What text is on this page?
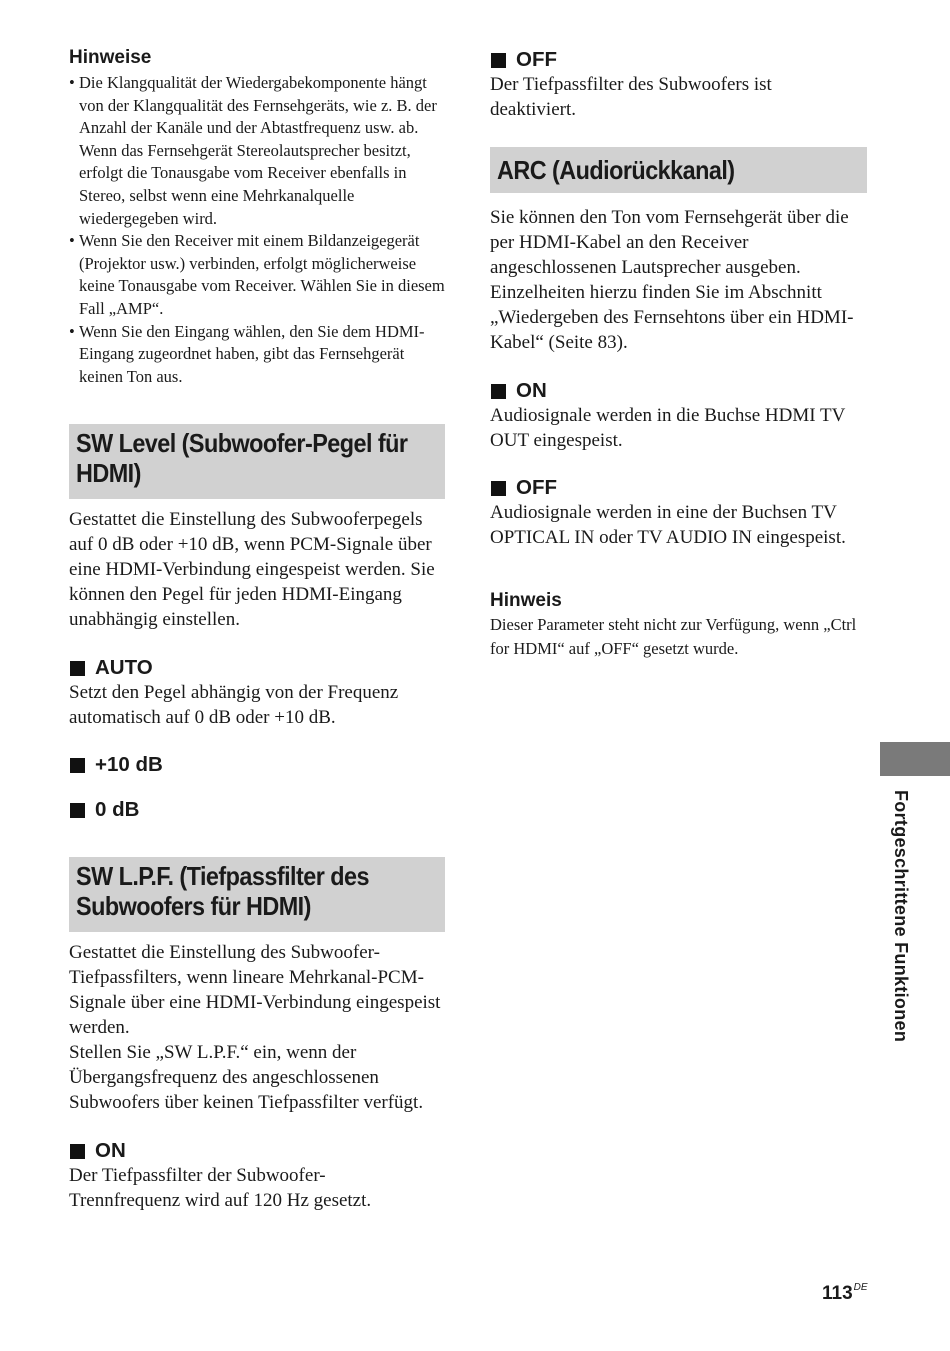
Hinweise
• Die Klangqualität der Wiedergabekomponente hängt von der Klangqualität des Fernsehgeräts, wie z. B. der Anzahl der Kanäle und der Abtastfrequenz usw. ab. Wenn das Fernsehgerät Stereolautsprecher besitzt, erfolgt die Tonausgabe vom Receiver ebenfalls in Stereo, selbst wenn eine Mehrkanalquelle wiedergegeben wird.
• Wenn Sie den Receiver mit einem Bildanzeigegerät (Projektor usw.) verbinden, erfolgt möglicherweise keine Tonausgabe vom Receiver. Wählen Sie in diesem Fall „AMP“.
• Wenn Sie den Eingang wählen, den Sie dem HDMI-Eingang zugeordnet haben, gibt das Fernsehgerät keinen Ton aus.
SW Level (Subwoofer-Pegel für
HDMI)

Gestattet die Einstellung des Subwooferpegels auf 0 dB oder +10 dB, wenn PCM-Signale über eine HDMI-Verbindung eingespeist werden. Sie können den Pegel für jeden HDMI-Eingang unabhängig einstellen.

AUTO

Setzt den Pegel abhängig von der Frequenz automatisch auf 0 dB oder +10 dB.

+10 dB
0 dB
SW L.P.F. (Tiefpassfilter des
Subwoofers für HDMI)

Gestattet die Einstellung des Subwoofer-Tiefpassfilters, wenn lineare Mehrkanal-PCM-Signale über eine HDMI-Verbindung eingespeist werden.
Stellen Sie „SW L.P.F.“ ein, wenn der Übergangsfrequenz des angeschlossenen Subwoofers über keinen Tiefpassfilter verfügt.

ON

Der Tiefpassfilter der Subwoofer-Trennfrequenz wird auf 120 Hz gesetzt.

OFF

Der Tiefpassfilter des Subwoofers ist deaktiviert.

ARC (Audiorückkanal)

Sie können den Ton vom Fernsehgerät über die per HDMI-Kabel an den Receiver angeschlossenen Lautsprecher ausgeben. Einzelheiten hierzu finden Sie im Abschnitt „Wiedergeben des Fernsehtons über ein HDMI-Kabel“ (Seite 83).

ON

Audiosignale werden in die Buchse HDMI TV OUT eingespeist.

OFF

Audiosignale werden in eine der Buchsen TV OPTICAL IN oder TV AUDIO IN eingespeist.

Hinweis

Dieser Parameter steht nicht zur Verfügung, wenn „Ctrl for HDMI“ auf „OFF“ gesetzt wurde.

Fortgeschrittene Funktionen
113DE
